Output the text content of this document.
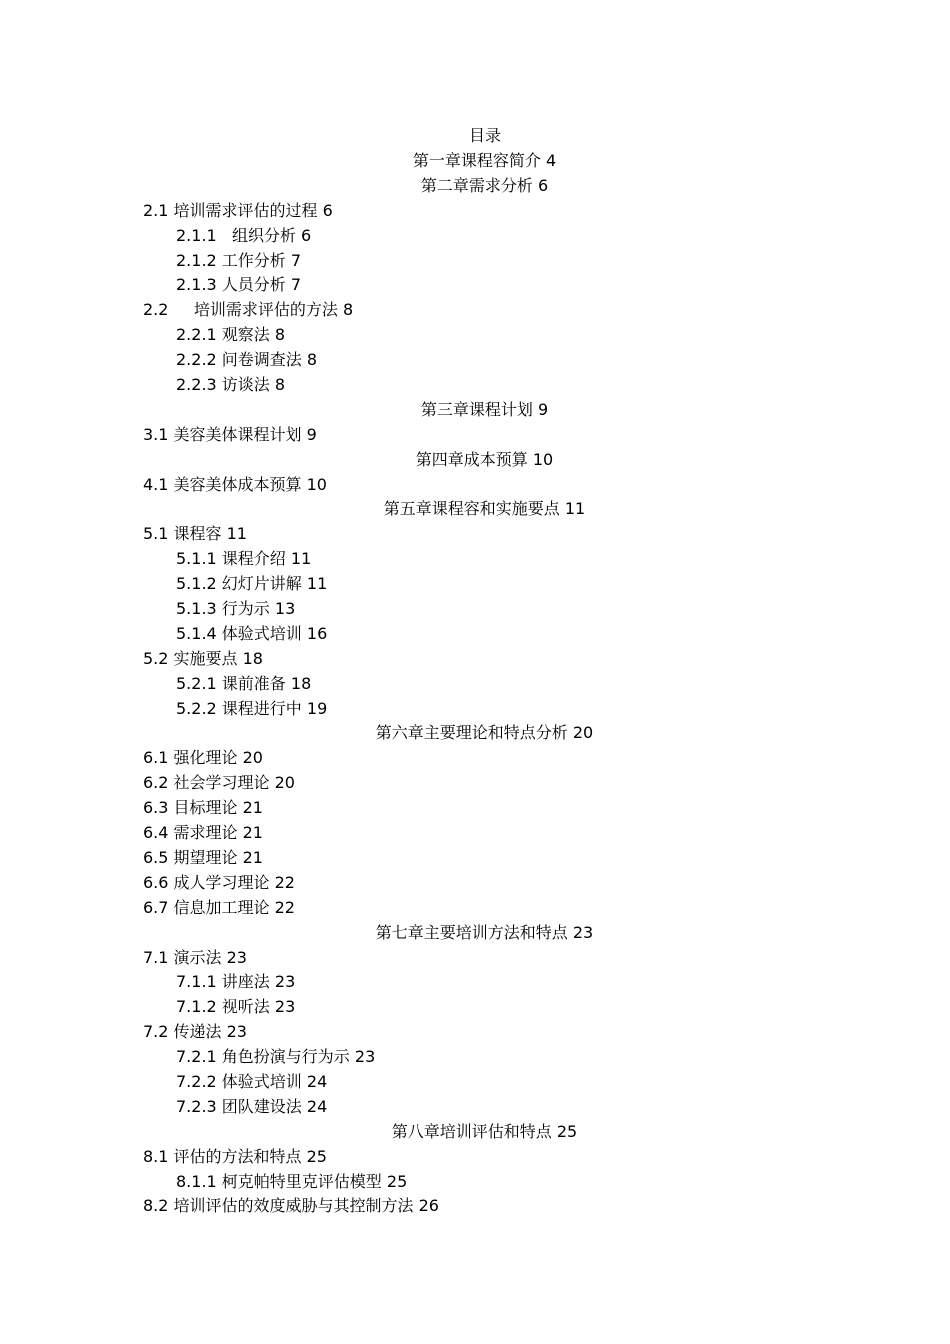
目录
第一章课程容简介 4
第二章需求分析 6
2.1 培训需求评估的过程 6
2.1.1   组织分析 6
2.1.2 工作分析 7
2.1.3 人员分析 7
2.2     培训需求评估的方法 8
2.2.1 观察法 8
2.2.2 问卷调查法 8
2.2.3 访谈法 8
第三章课程计划 9
3.1 美容美体课程计划 9
第四章成本预算 10
4.1 美容美体成本预算 10
第五章课程容和实施要点 11
5.1 课程容 11
5.1.1 课程介绍 11
5.1.2 幻灯片讲解 11
5.1.3 行为示 13
5.1.4 体验式培训 16
5.2 实施要点 18
5.2.1 课前准备 18
5.2.2 课程进行中 19
第六章主要理论和特点分析 20
6.1 强化理论 20
6.2 社会学习理论 20
6.3 目标理论 21
6.4 需求理论 21
6.5 期望理论 21
6.6 成人学习理论 22
6.7 信息加工理论 22
第七章主要培训方法和特点 23
7.1 演示法 23
7.1.1 讲座法 23
7.1.2 视听法 23
7.2 传递法 23
7.2.1 角色扮演与行为示 23
7.2.2 体验式培训 24
7.2.3 团队建设法 24
第八章培训评估和特点 25
8.1 评估的方法和特点 25
8.1.1 柯克帕特里克评估模型 25
8.2 培训评估的效度威胁与其控制方法 26
